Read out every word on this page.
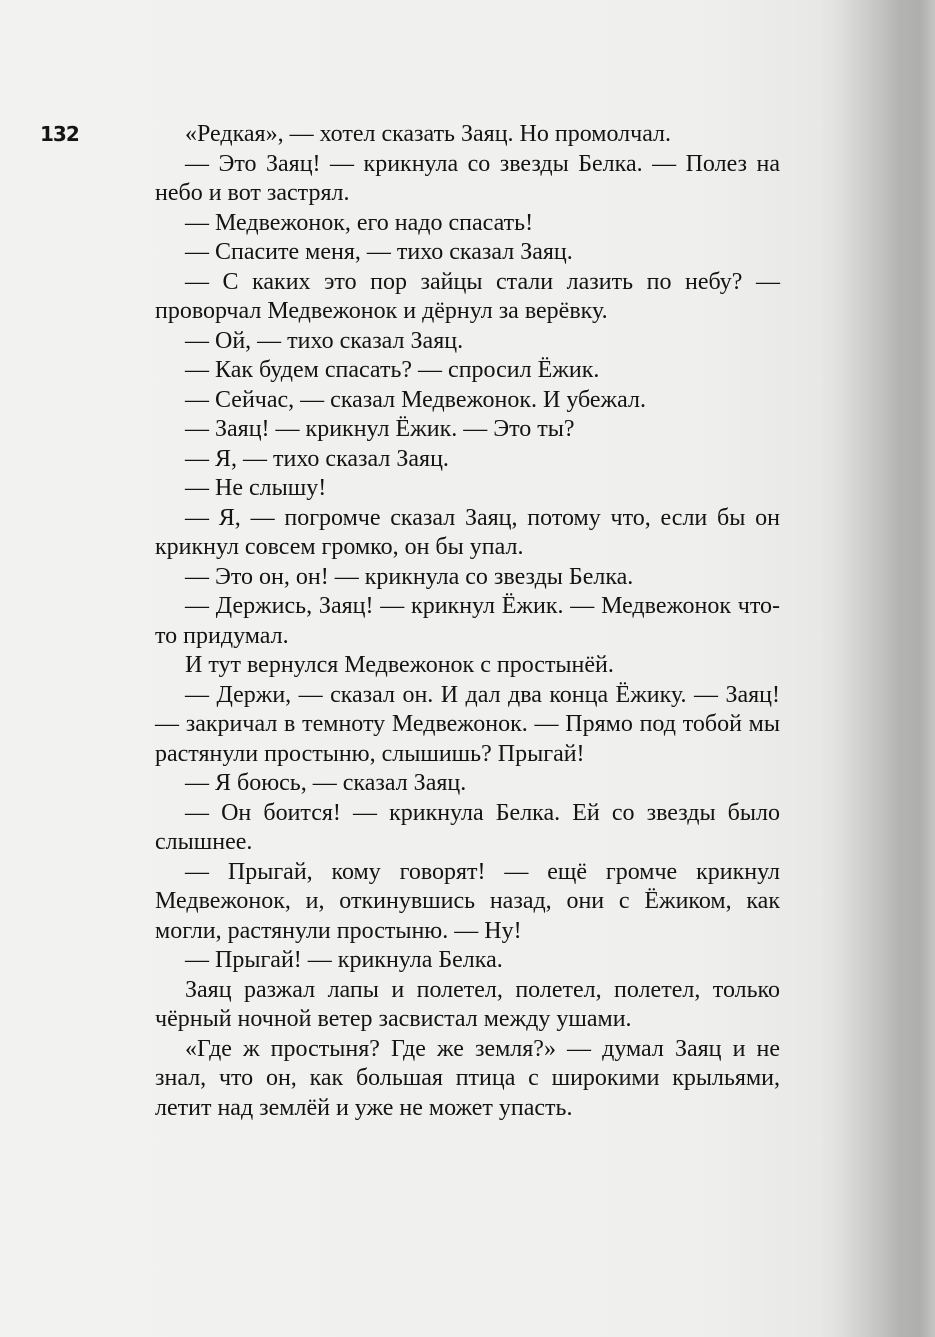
132	«Редкая», — хотел сказать Заяц. Но промолчал.

— Это Заяц! — крикнула со звезды Белка. — Полез на небо и вот застрял.

— Медвежонок, его надо спасать!

— Спасите меня, — тихо сказал Заяц.

— С каких это пор зайцы стали лазить по небу? — проворчал Медвежонок и дёрнул за верёвку.

— Ой, — тихо сказал Заяц.

— Как будем спасать? — спросил Ёжик.

— Сейчас, — сказал Медвежонок. И убежал.

— Заяц! — крикнул Ёжик. — Это ты?

— Я, — тихо сказал Заяц.

— Не слышу!

— Я, — погромче сказал Заяц, потому что, если бы он крикнул совсем громко, он бы упал.

— Это он, он! — крикнула со звезды Белка.

— Держись, Заяц! — крикнул Ёжик. — Медвежонок что-то придумал.

И тут вернулся Медвежонок с простынёй.

— Держи, — сказал он. И дал два конца Ёжику. — Заяц! — закричал в темноту Медвежонок. — Прямо под тобой мы растянули простыню, слышишь? Прыгай!

— Я боюсь, — сказал Заяц.

— Он боится! — крикнула Белка. Ей со звезды было слышнее.

— Прыгай, кому говорят! — ещё громче крикнул Медвежонок, и, откинувшись назад, они с Ёжиком, как могли, растянули простыню. — Ну!

— Прыгай! — крикнула Белка.

Заяц разжал лапы и полетел, полетел, полетел, только чёрный ночной ветер засвистал между ушами.

«Где ж простыня? Где же земля?» — думал Заяц и не знал, что он, как большая птица с широкими крыльями, летит над землёй и уже не может упасть.
